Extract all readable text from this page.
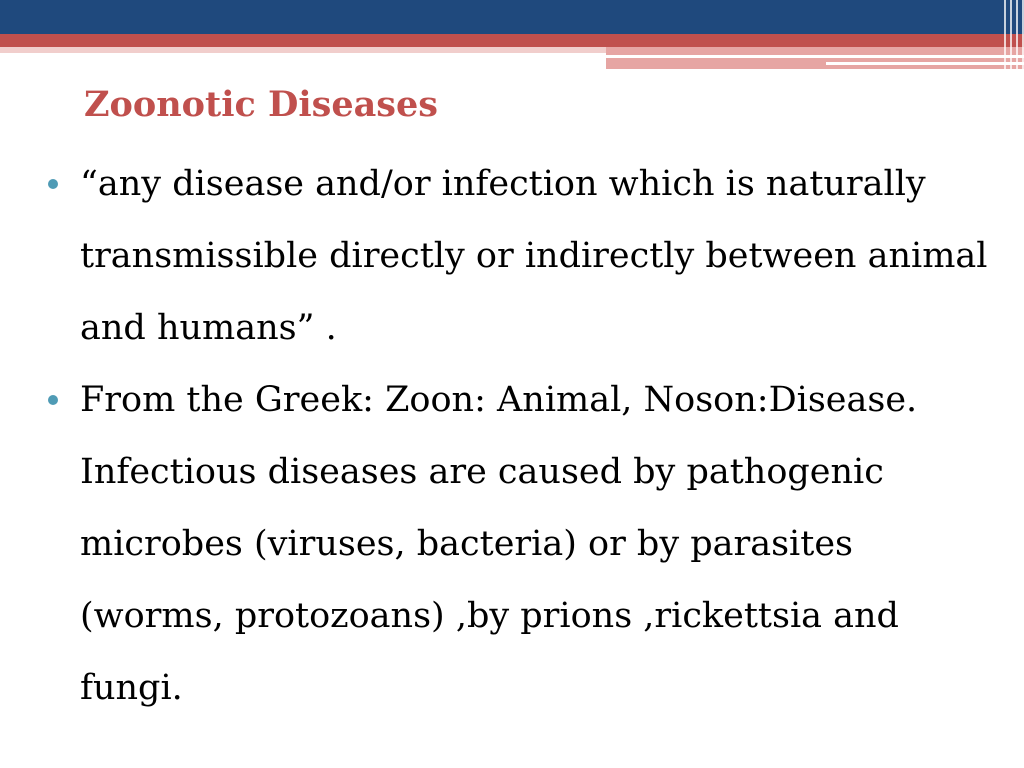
Zoonotic Diseases
“any disease and/or infection which is naturally transmissible directly or indirectly between animal and humans” .
From the Greek: Zoon: Animal, Noson:Disease. Infectious diseases are caused by pathogenic microbes (viruses, bacteria) or by parasites (worms, protozoans) ,by prions ,rickettsia and fungi.
